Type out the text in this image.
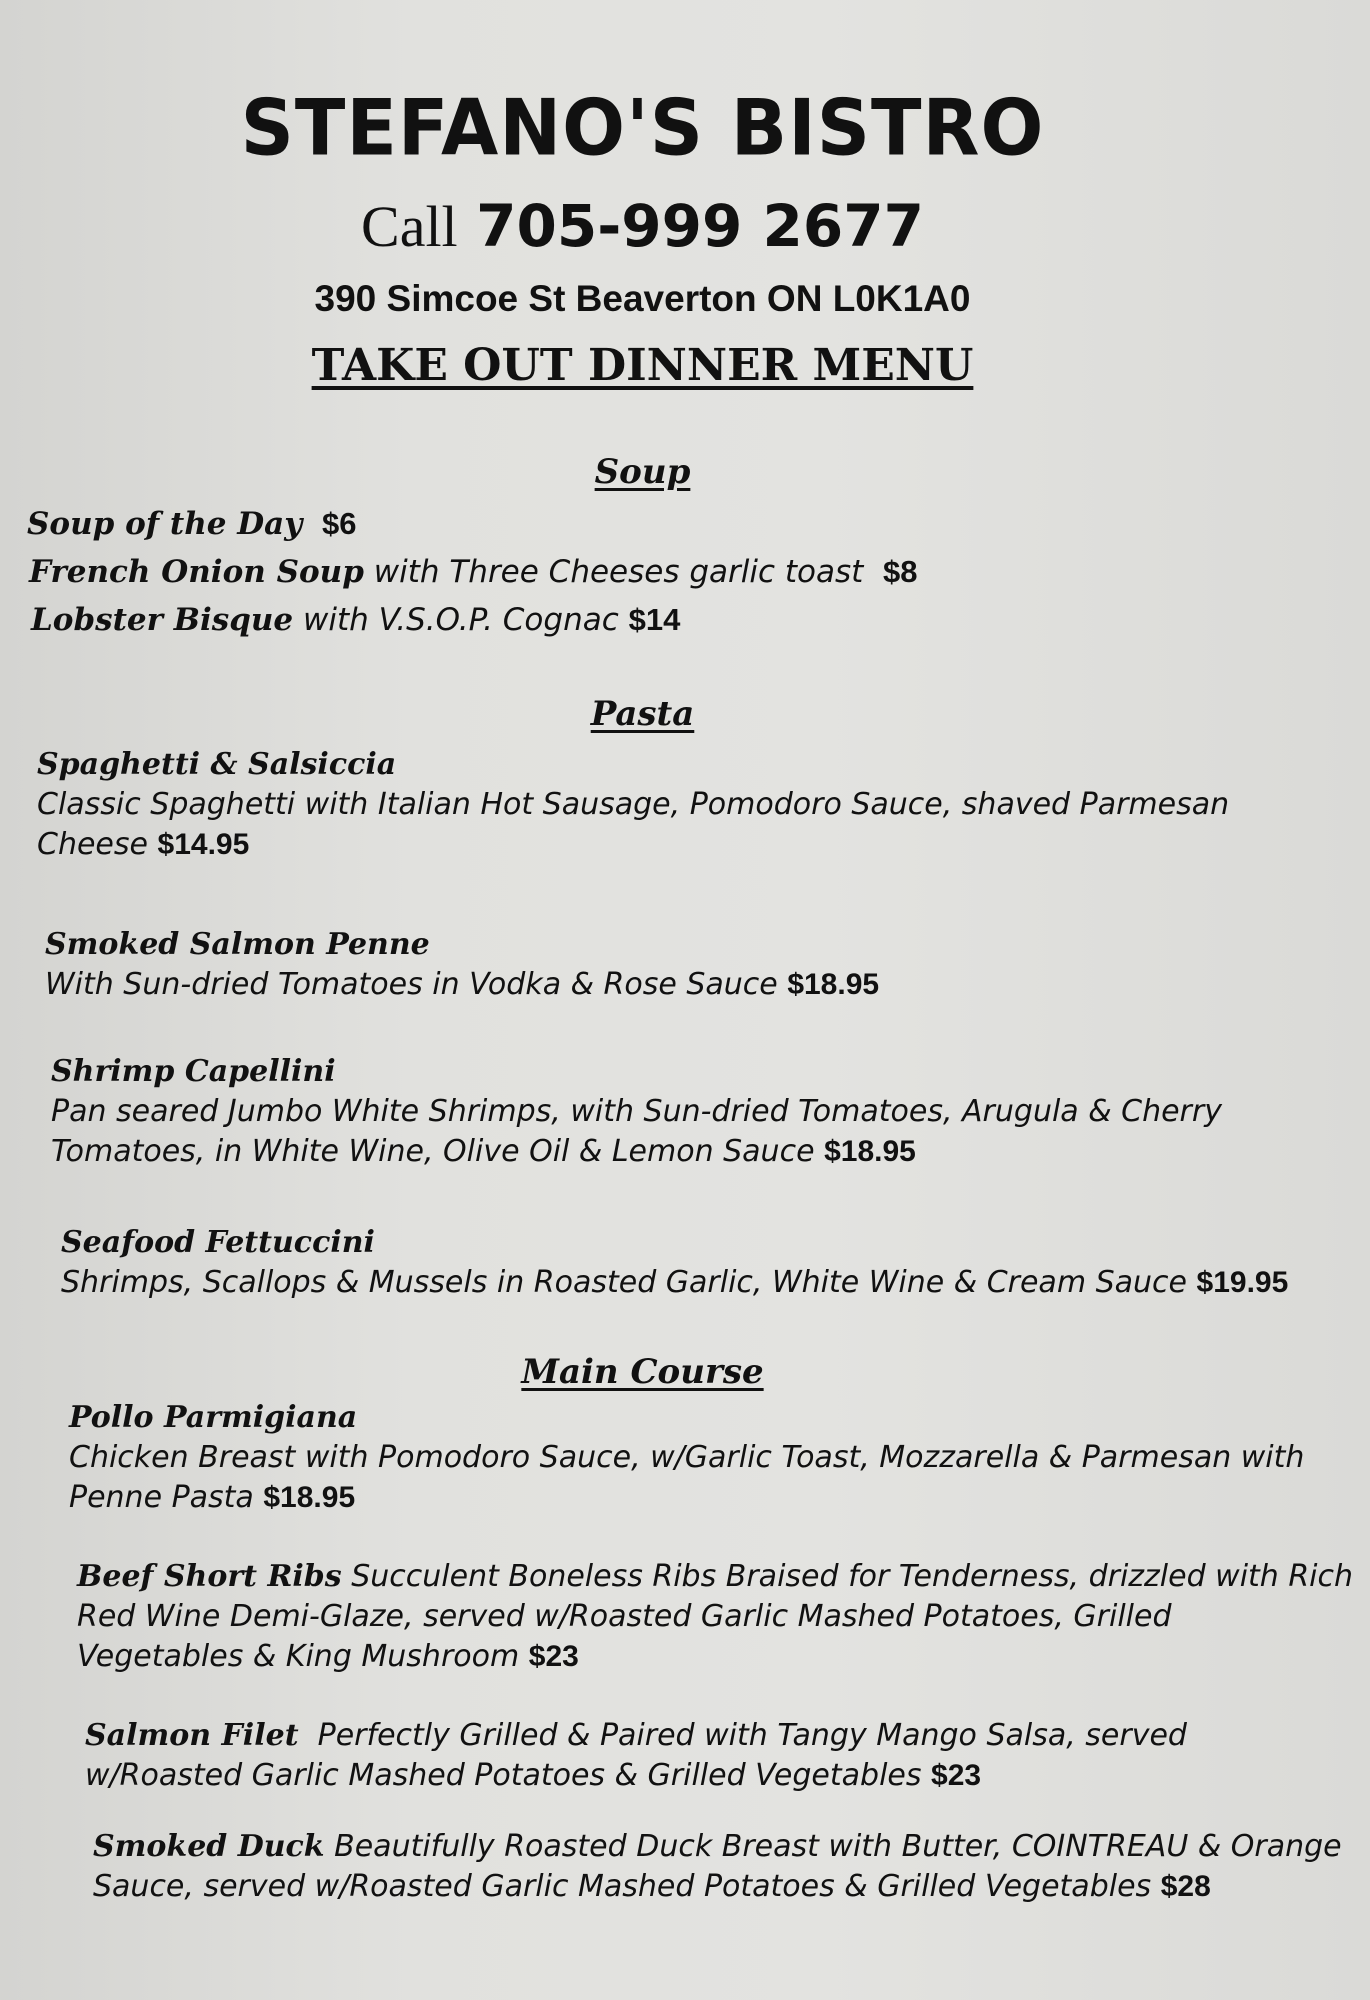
STEFANO'S BISTRO
Call 705-999 2677
390 Simcoe St Beaverton ON L0K1A0
TAKE OUT DINNER MENU
Soup
Soup of the Day $6
French Onion Soup with Three Cheeses garlic toast $8
Lobster Bisque with V.S.O.P. Cognac $14
Pasta
Spaghetti & Salsiccia
Classic Spaghetti with Italian Hot Sausage, Pomodoro Sauce, shaved Parmesan
Cheese $14.95
Smoked Salmon Penne
With Sun-dried Tomatoes in Vodka & Rose Sauce $18.95
Shrimp Capellini
Pan seared Jumbo White Shrimps, with Sun-dried Tomatoes, Arugula & Cherry
Tomatoes, in White Wine, Olive Oil & Lemon Sauce $18.95
Seafood Fettuccini
Shrimps, Scallops & Mussels in Roasted Garlic, White Wine & Cream Sauce $19.95
Main Course
Pollo Parmigiana
Chicken Breast with Pomodoro Sauce, w/Garlic Toast, Mozzarella & Parmesan with
Penne Pasta $18.95
Beef Short Ribs Succulent Boneless Ribs Braised for Tenderness, drizzled with Rich
Red Wine Demi-Glaze, served w/Roasted Garlic Mashed Potatoes, Grilled
Vegetables & King Mushroom $23
Salmon Filet Perfectly Grilled & Paired with Tangy Mango Salsa, served
w/Roasted Garlic Mashed Potatoes & Grilled Vegetables $23
Smoked Duck Beautifully Roasted Duck Breast with Butter, COINTREAU & Orange
Sauce, served w/Roasted Garlic Mashed Potatoes & Grilled Vegetables $28
